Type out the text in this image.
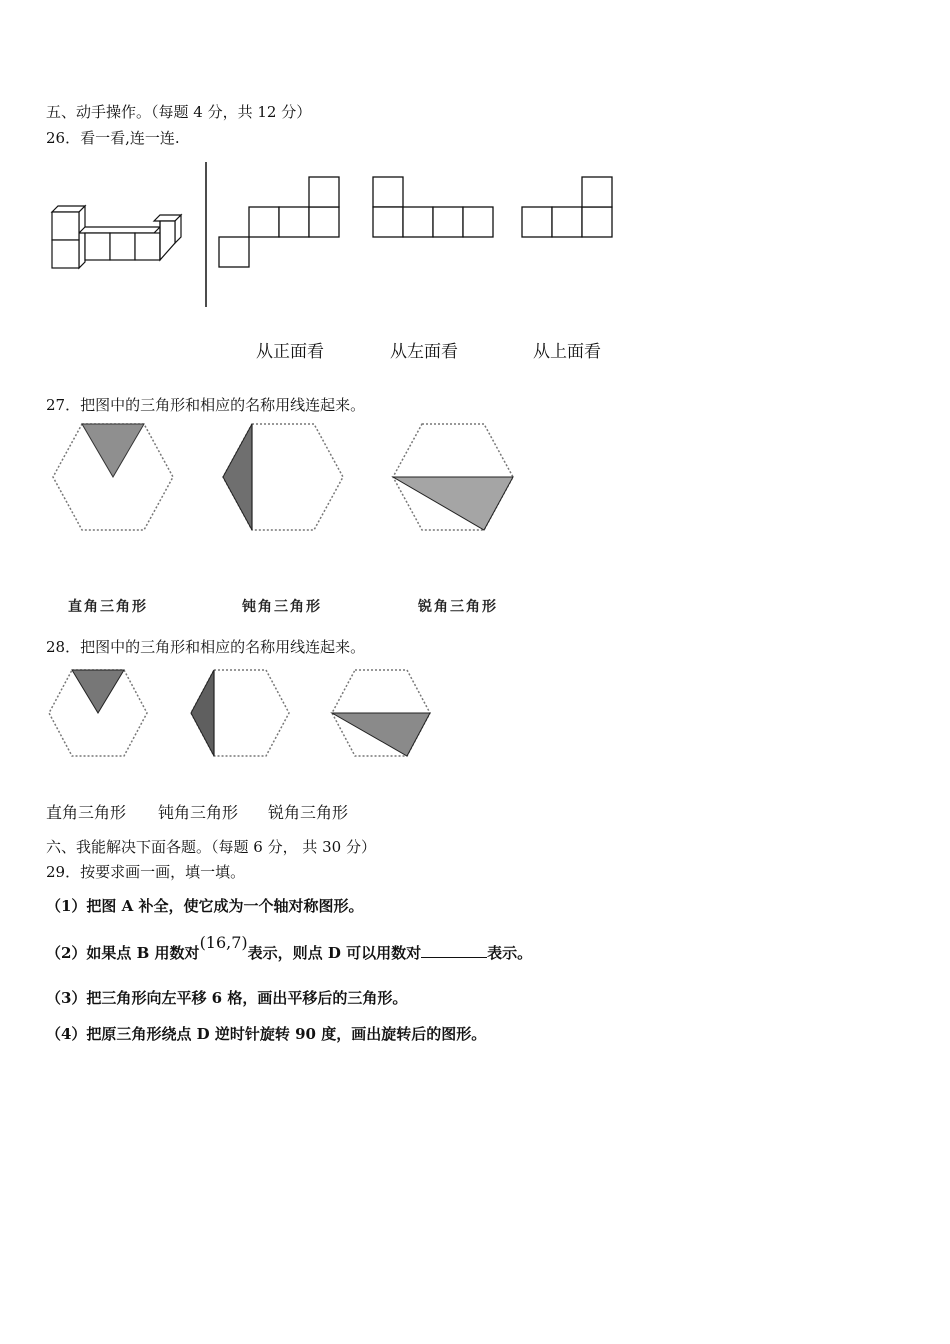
五、动手操作。（每题 4 分，共 12 分）
26．看一看,连一连.
从正面看	从左面看	从上面看
27．把图中的三角形和相应的名称用线连起来。
直角三角形	钝角三角形	锐角三角形
28．把图中的三角形和相应的名称用线连起来。
直角三角形 钝角三角形 锐角三角形
六、我能解决下面各题。（每题 6 分， 共 30 分）
29．按要求画一画，填一填。
（1）把图 A 补全，使它成为一个轴对称图形。
（2）如果点 B 用数对(16,7)表示，则点 D 可以用数对	表示。
（3）把三角形向左平移 6 格，画出平移后的三角形。
（4）把原三角形绕点 D 逆时针旋转 90 度，画出旋转后的图形。
